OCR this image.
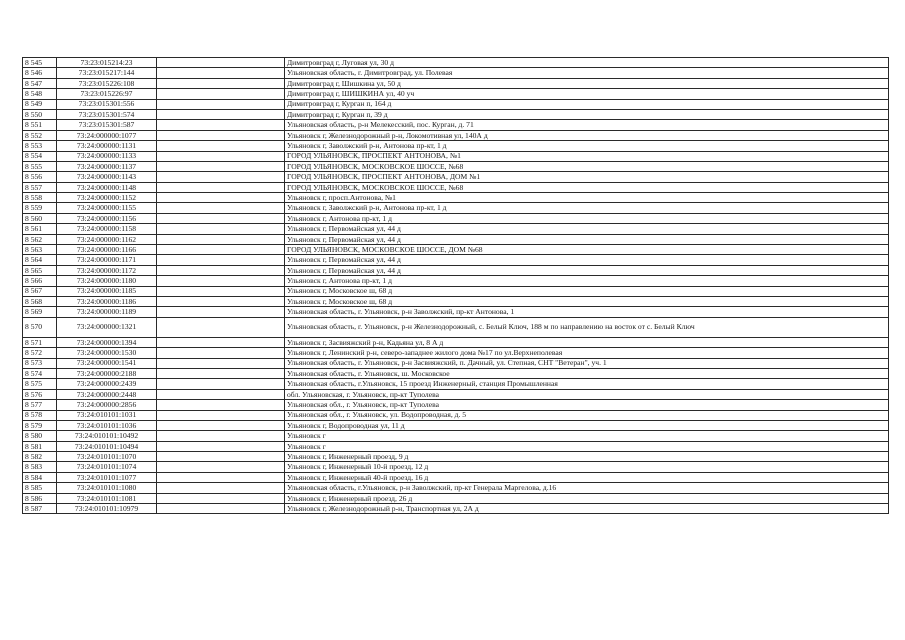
8 545	73:23:015214:23		Димитровград г, Луговая ул, 30 д
8 546	73:23:015217:144		Ульяновская область, г. Димитровград, ул. Полевая
8 547	73:23:015226:108		Димитровград г, Шишкина ул, 50 д
8 548	73:23:015226:97		Димитровград г, ШИШКИНА ул, 40 уч
8 549	73:23:015301:556		Димитровград г, Курган п, 164 д
8 550	73:23:015301:574		Димитровград г, Курган п, 39 д
8 551	73:23:015301:587		Ульяновская область, р-н Мелекесский, пос. Курган, д. 71
8 552	73:24:000000:1077		Ульяновск г, Железнодорожный р-н, Локомотивная ул, 140А д
8 553	73:24:000000:1131		Ульяновск г, Заволжский р-н, Антонова пр-кт, 1 д
8 554	73:24:000000:1133		ГОРОД УЛЬЯНОВСК, ПРОСПЕКТ АНТОНОВА, №1
8 555	73:24:000000:1137		ГОРОД УЛЬЯНОВСК, МОСКОВСКОЕ ШОССЕ, №68
8 556	73:24:000000:1143		ГОРОД УЛЬЯНОВСК, ПРОСПЕКТ АНТОНОВА, ДОМ №1
8 557	73:24:000000:1148		ГОРОД УЛЬЯНОВСК, МОСКОВСКОЕ ШОССЕ, №68
8 558	73:24:000000:1152		Ульяновск г, просп.Антонова, №1
8 559	73:24:000000:1155		Ульяновск г, Заволжский р-н, Антонова пр-кт, 1 д
8 560	73:24:000000:1156		Ульяновск г, Антонова пр-кт, 1 д
8 561	73:24:000000:1158		Ульяновск г, Первомайская ул, 44 д
8 562	73:24:000000:1162		Ульяновск г, Первомайская ул, 44 д
8 563	73:24:000000:1166		ГОРОД УЛЬЯНОВСК, МОСКОВСКОЕ ШОССЕ, ДОМ №68
8 564	73:24:000000:1171		Ульяновск г, Первомайская ул, 44 д
8 565	73:24:000000:1172		Ульяновск г, Первомайская ул, 44 д
8 566	73:24:000000:1180		Ульяновск г, Антонова пр-кт, 1 д
8 567	73:24:000000:1185		Ульяновск г, Московское ш, 68 д
8 568	73:24:000000:1186		Ульяновск г, Московское ш, 68 д
8 569	73:24:000000:1189		Ульяновская область, г. Ульяновск, р-н Заволжский, пр-кт Антонова, 1
8 570	73:24:000000:1321		Ульяновская область, г. Ульяновск, р-н Железнодорожный, с. Белый Ключ, 188 м по направлению на восток от с. Белый Ключ
8 571	73:24:000000:1394		Ульяновск г, Засвияжский р-н, Кадьяна ул, 8 А д
8 572	73:24:000000:1530		Ульяновск г, Ленинский р-н, северо-западнее жилого дома №17 по ул.Верхнеполевая
8 573	73:24:000000:1541		Ульяновская область, г. Ульяновск, р-н Засвияжский, п. Дачный, ул. Степная, СНТ "Ветеран", уч. 1
8 574	73:24:000000:2188		Ульяновская область, г. Ульяновск, ш. Московское
8 575	73:24:000000:2439		Ульяновская область, г.Ульяновск, 15 проезд Инженерный, станция Промышленная
8 576	73:24:000000:2448		обл. Ульяновская, г. Ульяновск, пр-кт Туполева
8 577	73:24:000000:2856		Ульяновская обл., г. Ульяновск, пр-кт Туполева
8 578	73:24:010101:1031		Ульяновская обл., г. Ульяновск, ул. Водопроводная, д. 5
8 579	73:24:010101:1036		Ульяновск г, Водопроводная ул, 11 д
8 580	73:24:010101:10492		Ульяновск г
8 581	73:24:010101:10494		Ульяновск г
8 582	73:24:010101:1070		Ульяновск г, Инженерный проезд, 9 д
8 583	73:24:010101:1074		Ульяновск г, Инженерный 10-й проезд, 12 д
8 584	73:24:010101:1077		Ульяновск г, Инженерный 40-й проезд, 16 д
8 585	73:24:010101:1080		Ульяновская область, г.Ульяновск, р-н Заволжский, пр-кт Генерала Маргелова, д.16
8 586	73:24:010101:1081		Ульяновск г, Инженерный проезд, 26 д
8 587	73:24:010101:10979		Ульяновск г, Железнодорожный р-н, Транспортная ул, 2А д
